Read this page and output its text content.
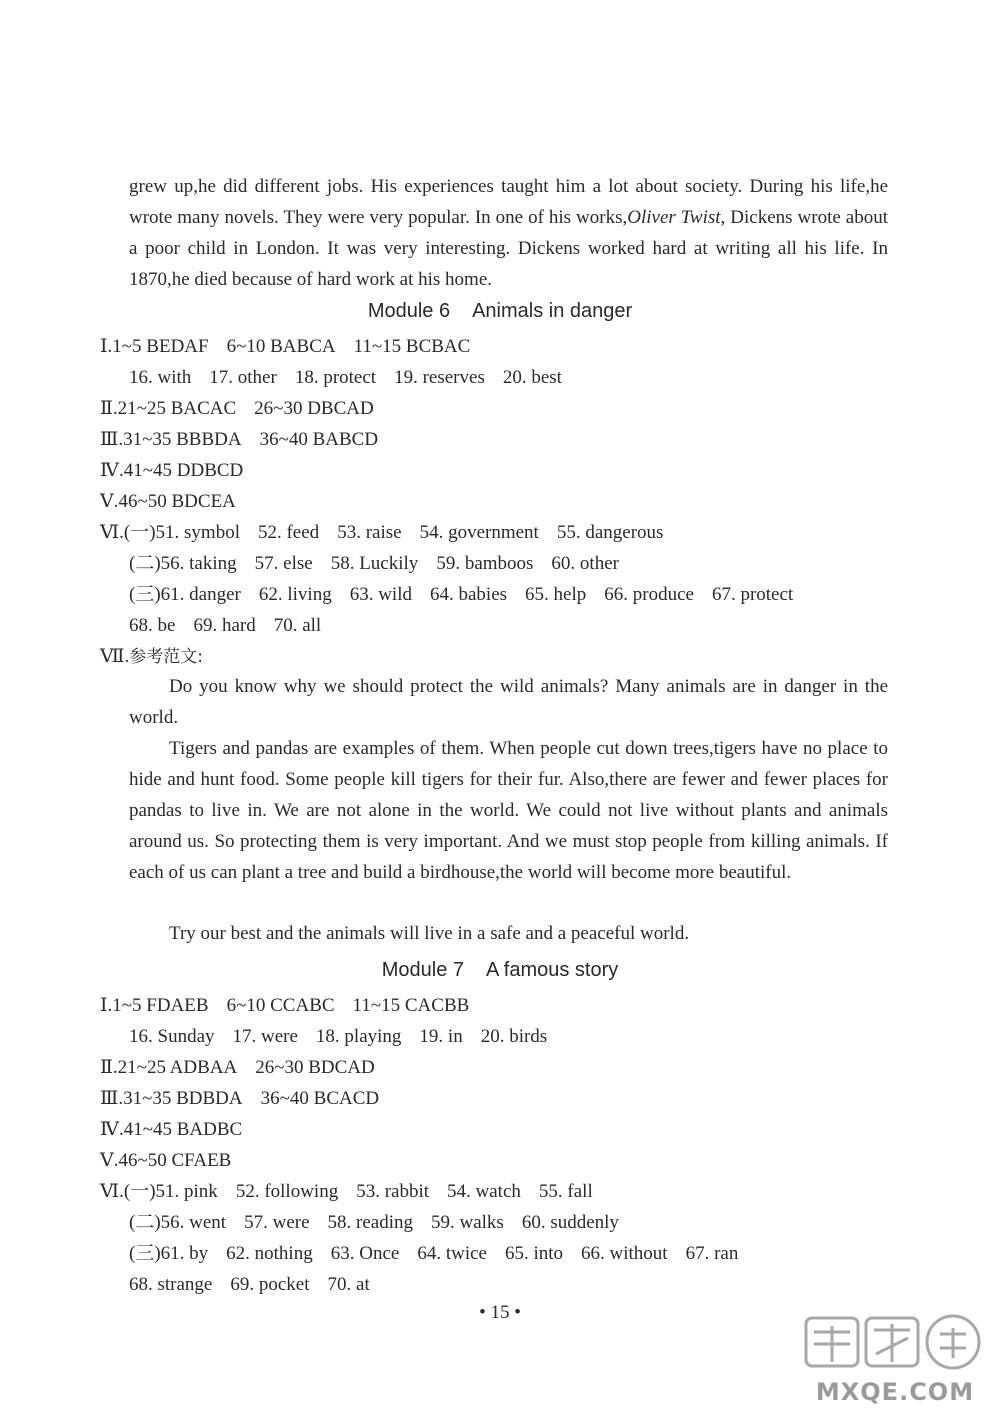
grew up,he did different jobs. His experiences taught him a lot about society. During his life,he wrote many novels. They were very popular. In one of his works,Oliver Twist, Dickens wrote about a poor child in London. It was very interesting. Dickens worked hard at writing all his life. In 1870,he died because of hard work at his home.
Module 6 Animals in danger
Ⅰ.1~5 BEDAF 6~10 BABCA 11~15 BCBAC
16. with 17. other 18. protect 19. reserves 20. best
Ⅱ.21~25 BACAC 26~30 DBCAD
Ⅲ.31~35 BBBDA 36~40 BABCD
Ⅳ.41~45 DDBCD
Ⅴ.46~50 BDCEA
Ⅵ.(一)51. symbol 52. feed 53. raise 54. government 55. dangerous
(二)56. taking 57. else 58. Luckily 59. bamboos 60. other
(三)61. danger 62. living 63. wild 64. babies 65. help 66. produce 67. protect
68. be 69. hard 70. all
Ⅶ.参考范文:
Do you know why we should protect the wild animals? Many animals are in danger in the world.
Tigers and pandas are examples of them. When people cut down trees,tigers have no place to hide and hunt food. Some people kill tigers for their fur. Also,there are fewer and fewer places for pandas to live in. We are not alone in the world. We could not live without plants and animals around us. So protecting them is very important. And we must stop people from killing animals. If each of us can plant a tree and build a birdhouse,the world will become more beautiful.
Try our best and the animals will live in a safe and a peaceful world.
Module 7 A famous story
Ⅰ.1~5 FDAEB 6~10 CCABC 11~15 CACBB
16. Sunday 17. were 18. playing 19. in 20. birds
Ⅱ.21~25 ADBAA 26~30 BDCAD
Ⅲ.31~35 BDBDA 36~40 BCACD
Ⅳ.41~45 BADBC
Ⅴ.46~50 CFAEB
Ⅵ.(一)51. pink 52. following 53. rabbit 54. watch 55. fall
(二)56. went 57. were 58. reading 59. walks 60. suddenly
(三)61. by 62. nothing 63. Once 64. twice 65. into 66. without 67. ran
68. strange 69. pocket 70. at
• 15 •
MXQE.COM
